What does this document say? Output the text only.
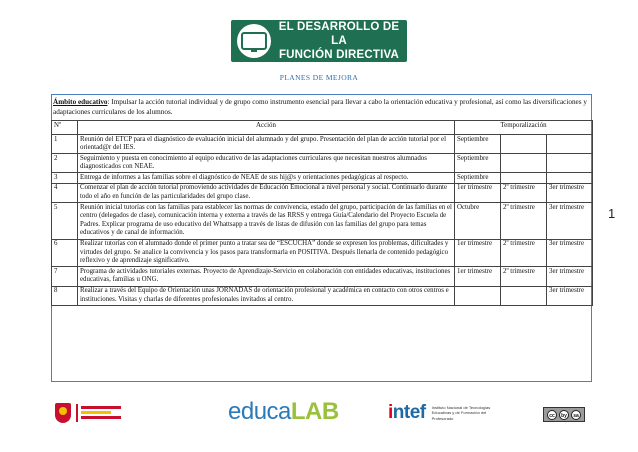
EL DESARROLLO DE LA
FUNCIÓN DIRECTIVA
PLANES DE MEJORA
1
Ámbito educativo: Impulsar la acción tutorial individual y de grupo como instrumento esencial para llevar a cabo la orientación educativa y profesional, así como las diversificaciones y adaptaciones curriculares de los alumnos.
Nº	Acción	Temporalización		
1	Reunión del ETCP para el diagnóstico de evaluación inicial del alumnado y del grupo. Presentación del plan de acción tutorial por el orientad@r del IES.	Septiembre		
2	Seguimiento y puesta en conocimiento al equipo educativo de las adaptaciones curriculares que necesitan nuestros alumnados diagnosticados con NEAE.	Septiembre		
3	Entrega de informes a las familias sobre el diagnóstico de NEAE de sus hij@s y orientaciones pedagógicas al respecto.	Septiembre		
4	Comenzar el plan de acción tutorial promoviendo actividades de Educación Emocional a nivel personal y social. Continuarlo durante todo el año en función de las particularidades del grupo clase.	1er trimestre	2º trimestre	3er trimestre
5	Reunión inicial tutorías con las familias para establecer las normas de convivencia, estado del grupo, participación de las familias en el centro (delegados de clase), comunicación interna y externa a través de las RRSS y entrega Guía/Calendario del Proyecto Escuela de Padres. Explicar programa de uso educativo del Whattsapp a través de listas de difusión con las familias del grupo para temas educativos y de canal de información.	Octubre	2º trimestre	3er trimestre
6	Realizar tutorías con el alumnado donde el primer punto a tratar sea de “ESCUCHA” donde se expresen los problemas, dificultades y virtudes del grupo. Se analice la convivencia y los pasos para transformarla en POSITIVA. Después llenarla de contenido pedagógico reflexivo y de aprendizaje significativo.	1er trimestre	2º trimestre	3er trimestre
7	Programa de actividades tutoriales externas. Proyecto de Aprendizaje-Servicio en colaboración con entidades educativas, instituciones educativas, familias u ONG.	1er trimestre	2º trimestre	3er trimestre
8	Realizar a través del Equipo de Orientación unas JORNADAS de orientación profesional y académica en contacto con otros centros e instituciones. Visitas y charlas de diferentes profesionales invitados al centro.			3er trimestre
educa LAB	intef Instituto Nacional de Tecnologías Educativas y de Formación del Profesorado	cc	by	sa
